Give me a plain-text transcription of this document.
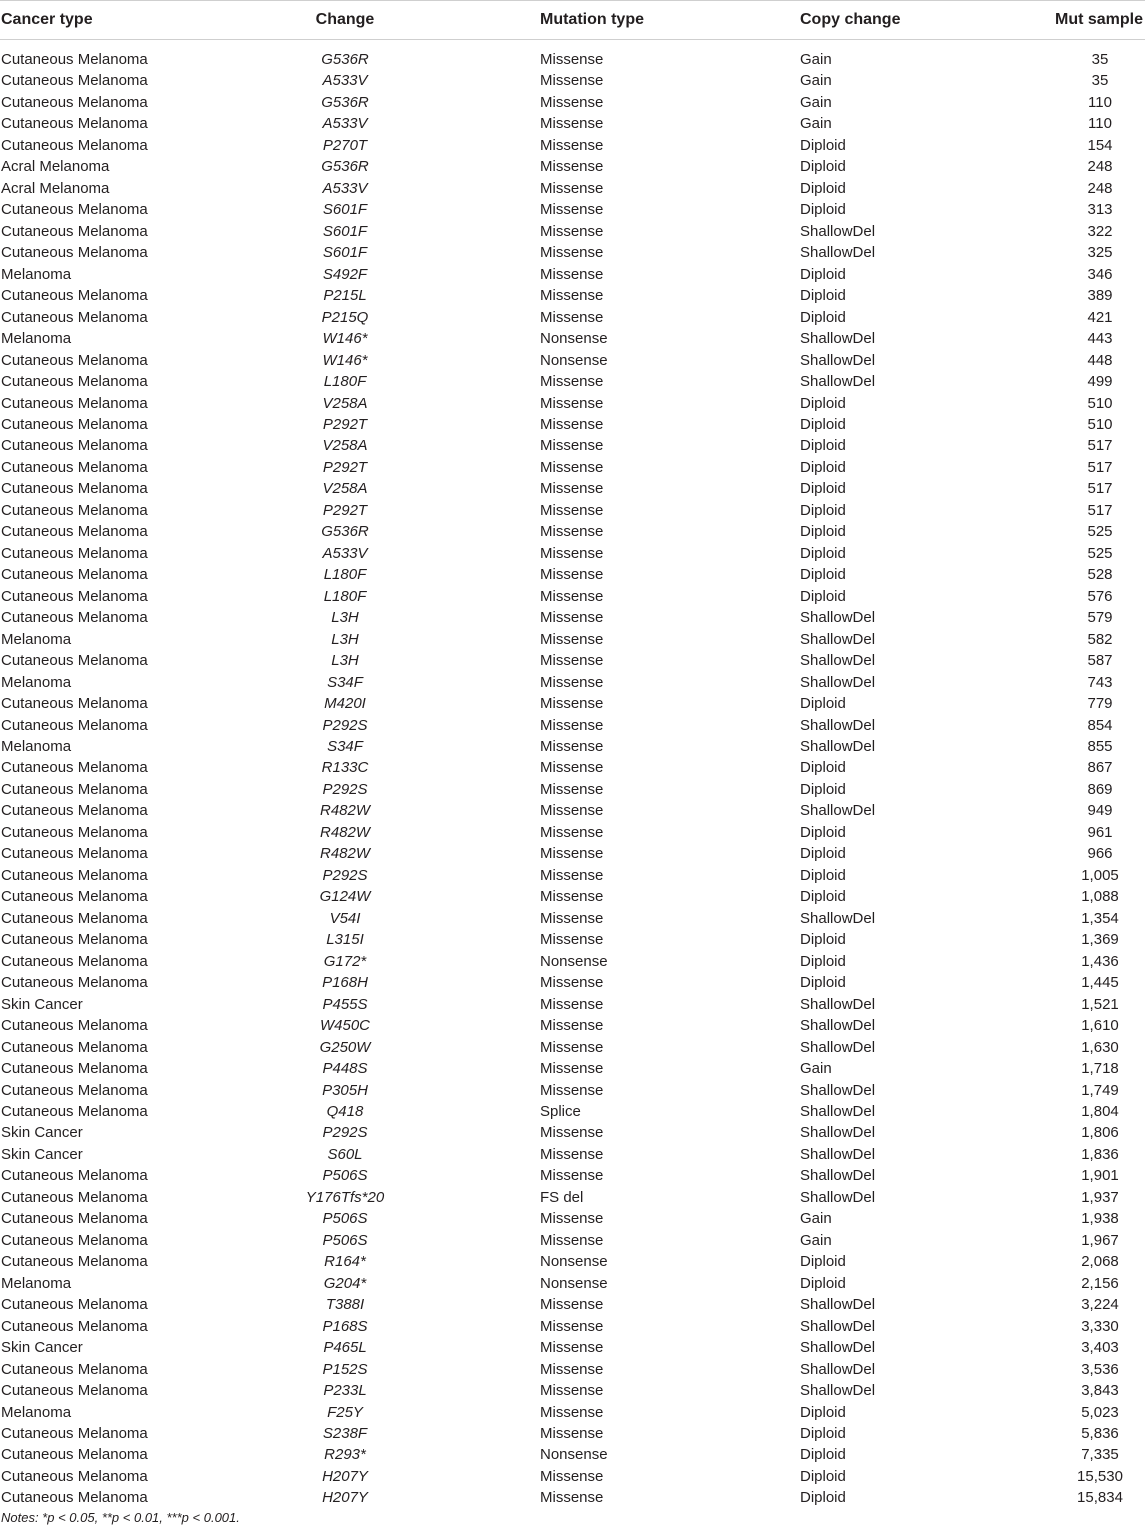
Cancer type	Change	Mutation type	Copy change	Mut sample
Cutaneous Melanoma	G536R	Missense	Gain	35
Cutaneous Melanoma	A533V	Missense	Gain	35
Cutaneous Melanoma	G536R	Missense	Gain	110
Cutaneous Melanoma	A533V	Missense	Gain	110
Cutaneous Melanoma	P270T	Missense	Diploid	154
Acral Melanoma	G536R	Missense	Diploid	248
Acral Melanoma	A533V	Missense	Diploid	248
Cutaneous Melanoma	S601F	Missense	Diploid	313
Cutaneous Melanoma	S601F	Missense	ShallowDel	322
Cutaneous Melanoma	S601F	Missense	ShallowDel	325
Melanoma	S492F	Missense	Diploid	346
Cutaneous Melanoma	P215L	Missense	Diploid	389
Cutaneous Melanoma	P215Q	Missense	Diploid	421
Melanoma	W146*	Nonsense	ShallowDel	443
Cutaneous Melanoma	W146*	Nonsense	ShallowDel	448
Cutaneous Melanoma	L180F	Missense	ShallowDel	499
Cutaneous Melanoma	V258A	Missense	Diploid	510
Cutaneous Melanoma	P292T	Missense	Diploid	510
Cutaneous Melanoma	V258A	Missense	Diploid	517
Cutaneous Melanoma	P292T	Missense	Diploid	517
Cutaneous Melanoma	V258A	Missense	Diploid	517
Cutaneous Melanoma	P292T	Missense	Diploid	517
Cutaneous Melanoma	G536R	Missense	Diploid	525
Cutaneous Melanoma	A533V	Missense	Diploid	525
Cutaneous Melanoma	L180F	Missense	Diploid	528
Cutaneous Melanoma	L180F	Missense	Diploid	576
Cutaneous Melanoma	L3H	Missense	ShallowDel	579
Melanoma	L3H	Missense	ShallowDel	582
Cutaneous Melanoma	L3H	Missense	ShallowDel	587
Melanoma	S34F	Missense	ShallowDel	743
Cutaneous Melanoma	M420I	Missense	Diploid	779
Cutaneous Melanoma	P292S	Missense	ShallowDel	854
Melanoma	S34F	Missense	ShallowDel	855
Cutaneous Melanoma	R133C	Missense	Diploid	867
Cutaneous Melanoma	P292S	Missense	Diploid	869
Cutaneous Melanoma	R482W	Missense	ShallowDel	949
Cutaneous Melanoma	R482W	Missense	Diploid	961
Cutaneous Melanoma	R482W	Missense	Diploid	966
Cutaneous Melanoma	P292S	Missense	Diploid	1,005
Cutaneous Melanoma	G124W	Missense	Diploid	1,088
Cutaneous Melanoma	V54I	Missense	ShallowDel	1,354
Cutaneous Melanoma	L315I	Missense	Diploid	1,369
Cutaneous Melanoma	G172*	Nonsense	Diploid	1,436
Cutaneous Melanoma	P168H	Missense	Diploid	1,445
Skin Cancer	P455S	Missense	ShallowDel	1,521
Cutaneous Melanoma	W450C	Missense	ShallowDel	1,610
Cutaneous Melanoma	G250W	Missense	ShallowDel	1,630
Cutaneous Melanoma	P448S	Missense	Gain	1,718
Cutaneous Melanoma	P305H	Missense	ShallowDel	1,749
Cutaneous Melanoma	Q418	Splice	ShallowDel	1,804
Skin Cancer	P292S	Missense	ShallowDel	1,806
Skin Cancer	S60L	Missense	ShallowDel	1,836
Cutaneous Melanoma	P506S	Missense	ShallowDel	1,901
Cutaneous Melanoma	Y176Tfs*20	FS del	ShallowDel	1,937
Cutaneous Melanoma	P506S	Missense	Gain	1,938
Cutaneous Melanoma	P506S	Missense	Gain	1,967
Cutaneous Melanoma	R164*	Nonsense	Diploid	2,068
Melanoma	G204*	Nonsense	Diploid	2,156
Cutaneous Melanoma	T388I	Missense	ShallowDel	3,224
Cutaneous Melanoma	P168S	Missense	ShallowDel	3,330
Skin Cancer	P465L	Missense	ShallowDel	3,403
Cutaneous Melanoma	P152S	Missense	ShallowDel	3,536
Cutaneous Melanoma	P233L	Missense	ShallowDel	3,843
Melanoma	F25Y	Missense	Diploid	5,023
Cutaneous Melanoma	S238F	Missense	Diploid	5,836
Cutaneous Melanoma	R293*	Nonsense	Diploid	7,335
Cutaneous Melanoma	H207Y	Missense	Diploid	15,530
Cutaneous Melanoma	H207Y	Missense	Diploid	15,834
Notes: *p < 0.05, **p < 0.01, ***p < 0.001.
